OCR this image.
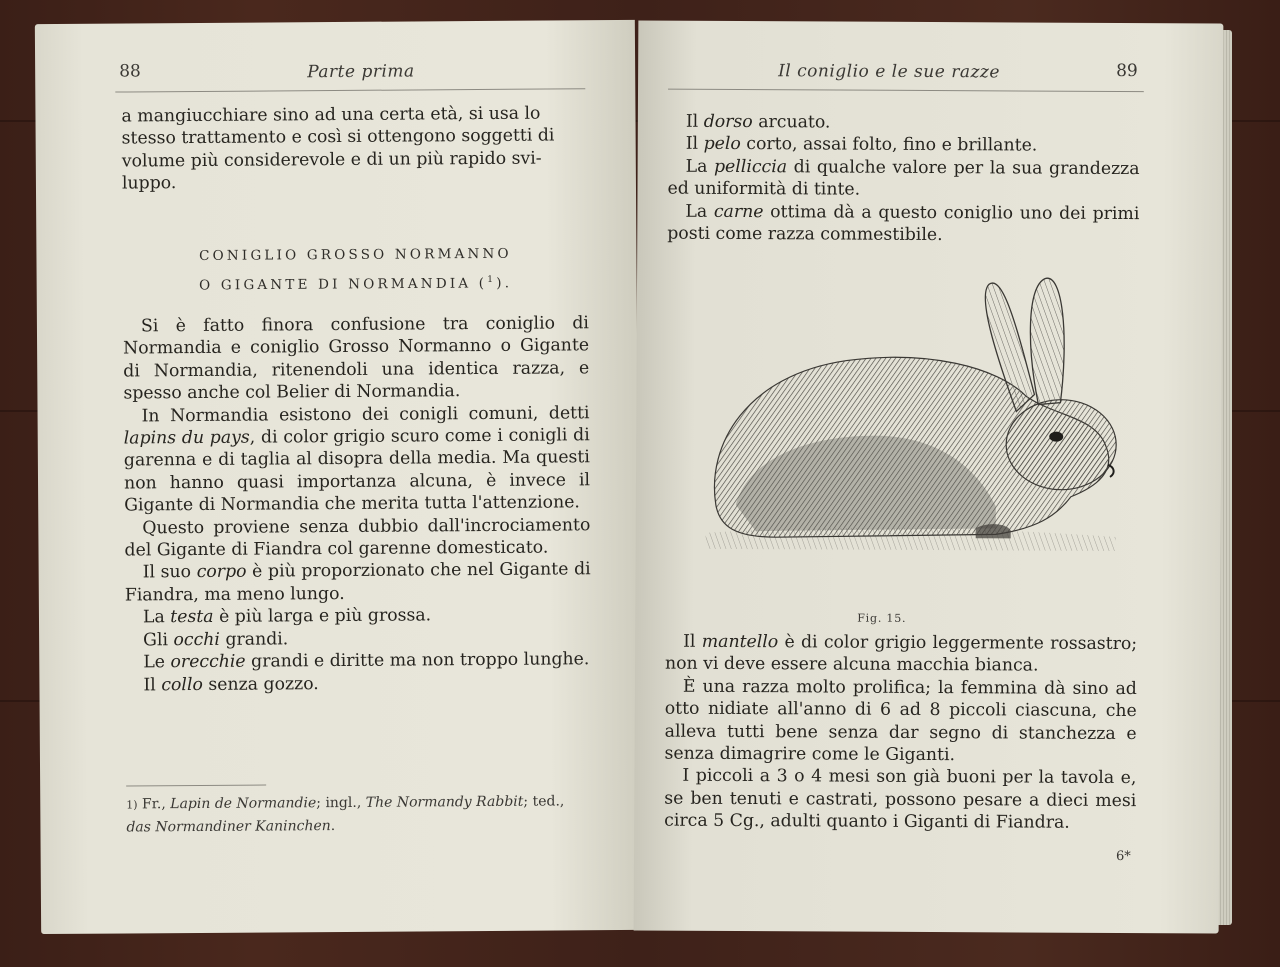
88	Parte prima

a mangiucchiare sino ad una certa età, si usa lo

stesso trattamento e così si ottengono soggetti di

volume più considerevole e di un più rapido svi-

luppo.

CONIGLIO GROSSO NORMANNO
O GIGANTE DI NORMANDIA ($^1$).

Si è fatto finora confusione tra coniglio di Normandia e coniglio Grosso Normanno o Gigante di Normandia, ritenendoli una identica razza, e spesso anche col Belier di Normandia.

In Normandia esistono dei conigli comuni, detti lapins du pays, di color grigio scuro come i conigli di garenna e di taglia al disopra della media. Ma questi non hanno quasi importanza alcuna, è invece il Gigante di Normandia che merita tutta l'attenzione.

Questo proviene senza dubbio dall'incrociamento del Gigante di Fiandra col garenne domesticato.

Il suo corpo è più proporzionato che nel Gigante di Fiandra, ma meno lungo.

La testa è più larga e più grossa.

Gli occhi grandi.

Le orecchie grandi e diritte ma non troppo lunghe.

Il collo senza gozzo.

1) Fr., Lapin de Normandie; ingl., The Normandy Rabbit; ted., das Normandiner Kaninchen.
Il coniglio e le sue razze	89

Il dorso arcuato.

Il pelo corto, assai folto, fino e brillante.

La pelliccia di qualche valore per la sua grandezza ed uniformità di tinte.

La carne ottima dà a questo coniglio uno dei primi posti come razza commestibile.

Fig. 15.

Il mantello è di color grigio leggermente rossastro; non vi deve essere alcuna macchia bianca.

È una razza molto prolifica; la femmina dà sino ad otto nidiate all'anno di 6 ad 8 piccoli ciascuna, che alleva tutti bene senza dar segno di stanchezza e senza dimagrire come le Giganti.

I piccoli a 3 o 4 mesi son già buoni per la tavola e, se ben tenuti e castrati, possono pesare a dieci mesi circa 5 Cg., adulti quanto i Giganti di Fiandra.

6*
